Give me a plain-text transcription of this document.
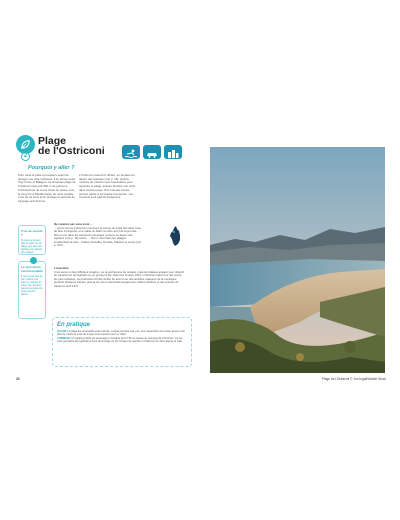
2
Plage
de l'Ostriconi
Pourquoi y aller ?
Pour toute la plaie à poussiers avant de plonger une côte rocheuse, il se trouve entre Cap Corse et Balagne. La sinueuse plage de l'Ostriconi ravie par 900 m de grèves à l'embouchure du cours d'eau du même nom, le long d'une Méditerranée de carte postale. L'arc de sa sous écrin protège la sérénité du paysage qu'il domine.
L'Ostriconi s'étend ici offrant, en bordure du désert des Agriates (voir p. 18). Quinze minutes de marche sont nécessaires pour rejoindre la plage, sinistre derrière son écrin dans l'arrière-pays. Par mauvais temps, pensez garde à sa beauté trompeuse : les courants sont parfois dangereux.
Trop de monde ?

Si vous ne trouvez pas de place sur la plage, aux sites des Agriates aux abords des villages.

Le spot photo incontournable

Il vaut mieux être au bon endroit pour saisir le coucher du soleil. Ne manquez pas la vue depuis la route avant le littoral.

Ne repartez pas sans avoir...
... pris le temps d'observer comment la course du soleil fait varier l'eau du bleu à l'argenté, et le sable du blanc au doré au fil de la journée. ... fait un tour dans les étonnants paysages rocheux du désert des Agriates (voir p. 18) voisin. ... fait un saut dans les villages surplombant la côte : Urtaca, Pietralba, Novella, Palasca et Lama (voir p. 102).
L'anecdote
C'est aussi un lieu difficile à imaginer, ou la sécheresse du maquis, mais les falaises avaient pour objectif de transformer les Agriates en un grenier à blé. Dans les années 1970, L'Ostriconi était l'une des terres les plus cultivées. La production d'huile d'olive fut ainsi l'une des activités majeures de la montagne pendant plusieurs siècles, puis la vie qui en découlait ravagea des milliers d'arbres et des années de travail en avril 1971.
En pratique

QUAND La plage est accessible toute l'année. Lequel pourtant mai, juin, vers septembre et le beau temps n'est plus de mettre le mois de si que vous reposez pour se reflet.

COMMENT Un parking public est aménagé en bordure de la T30 au niveau du camping de l'Ostriconi. Ce qui vous permettra de rejoindre le bout de la plage en 15 minutes de marche et d'admirer les lieux depuis le haut.

20	Plage de l'Ostriconi © Jon Ingall/Adobe Stock
